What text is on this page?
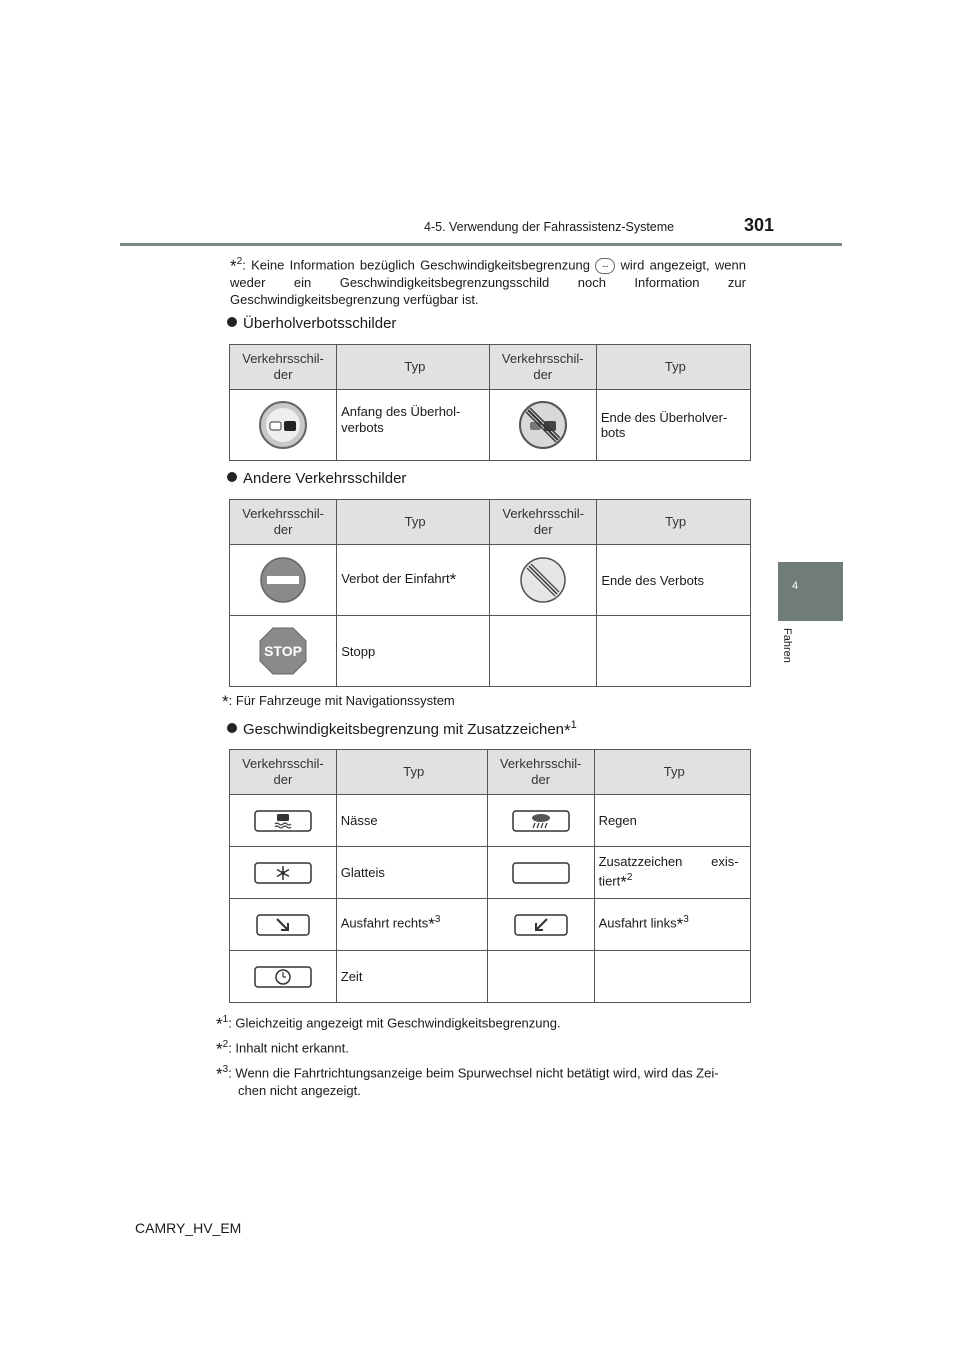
4-5. Verwendung der Fahrassistenz-Systeme	301
4
Fahren
*$^2$: Keine Information bezüglich Geschwindigkeitsbegrenzung -- wird angezeigt, wenn weder ein Geschwindigkeitsbegrenzungsschild noch Information zur Geschwindigkeitsbegrenzung verfügbar ist.
Überholverbotsschilder
Verkehrsschil-
der	Typ	Verkehrsschil-
der	Typ

	Anfang des Überhol-
verbots		Ende des Überholver-
bots
Andere Verkehrsschilder
Verkehrsschil-
der	Typ	Verkehrsschil-
der	Typ

	Verbot der Einfahrt*		Ende des Verbots

STOP	Stopp		
*: Für Fahrzeuge mit Navigationssystem
Geschwindigkeitsbegrenzung mit Zusatzzeichen*$^1$
Verkehrsschil-
der	Typ	Verkehrsschil-
der	Typ

	Nässe		Regen

	Glatteis		Zusatzzeichen exis-
tiert*$^2$

	Ausfahrt rechts*$^3$		Ausfahrt links*$^3$

	Zeit		
*$^1$: Gleichzeitig angezeigt mit Geschwindigkeitsbegrenzung.
*$^2$: Inhalt nicht erkannt.
*$^3$: Wenn die Fahrtrichtungsanzeige beim Spurwechsel nicht betätigt wird, wird das Zei-
chen nicht angezeigt.
CAMRY_HV_EM
